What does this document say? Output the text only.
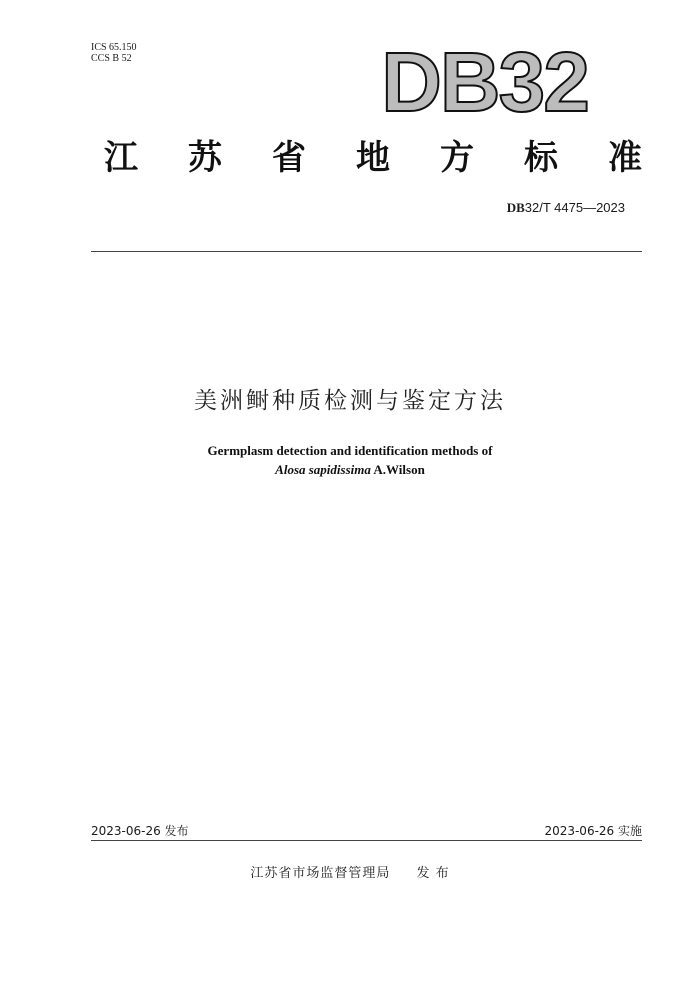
ICS 65.150
CCS B 52	DB32
江 苏 省 地 方 标 准
DB32/T 4475—2023
美洲鲥种质检测与鉴定方法
Germplasm detection and identification methods of
Alosa sapidissima A.Wilson
2023-06-26 发布	2023-06-26 实施
江苏省市场监督管理局 发 布
